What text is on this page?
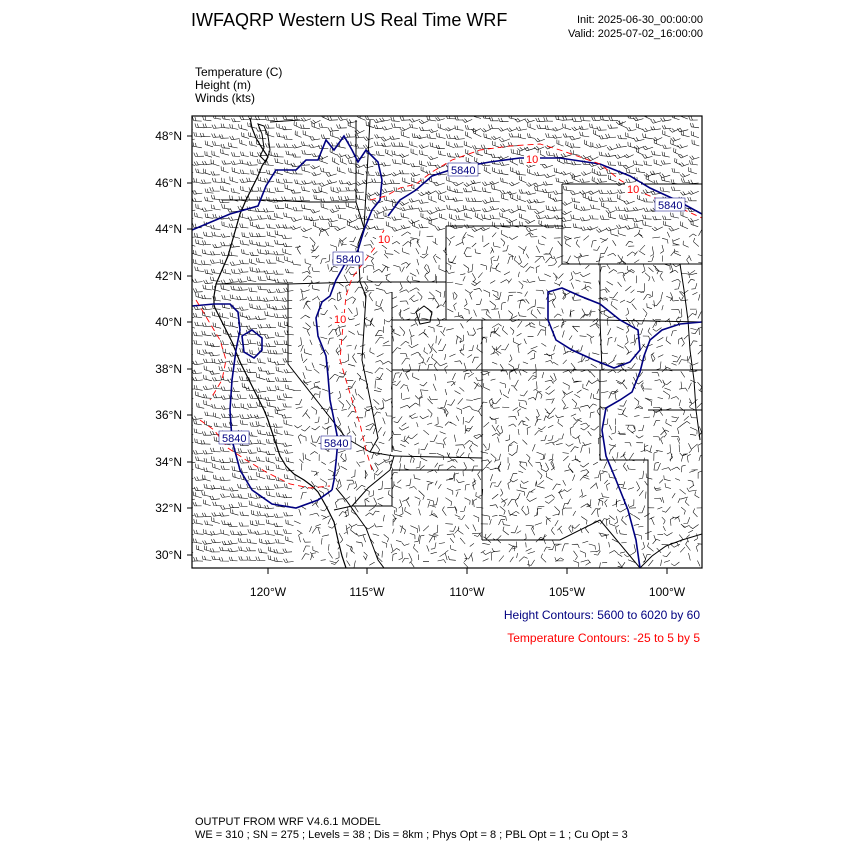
IWFAQRP Western US Real Time WRF	Init: 2025-06-30_00:00:00
Valid: 2025-07-02_16:00:00
Temperature (C)
Height (m)
Winds (kts)
5840
5840
5840
5840	5840
10
10
10
10
48°N
46°N
44°N
42°N
40°N
38°N
36°N
34°N
32°N
30°N
120°W	115°W	110°W	105°W	100°W
Height Contours: 5600 to 6020 by 60
Temperature Contours: -25 to 5 by 5
OUTPUT FROM WRF V4.6.1 MODEL
WE = 310 ; SN = 275 ; Levels = 38 ; Dis = 8km ; Phys Opt = 8 ; PBL Opt = 1 ; Cu Opt = 3
